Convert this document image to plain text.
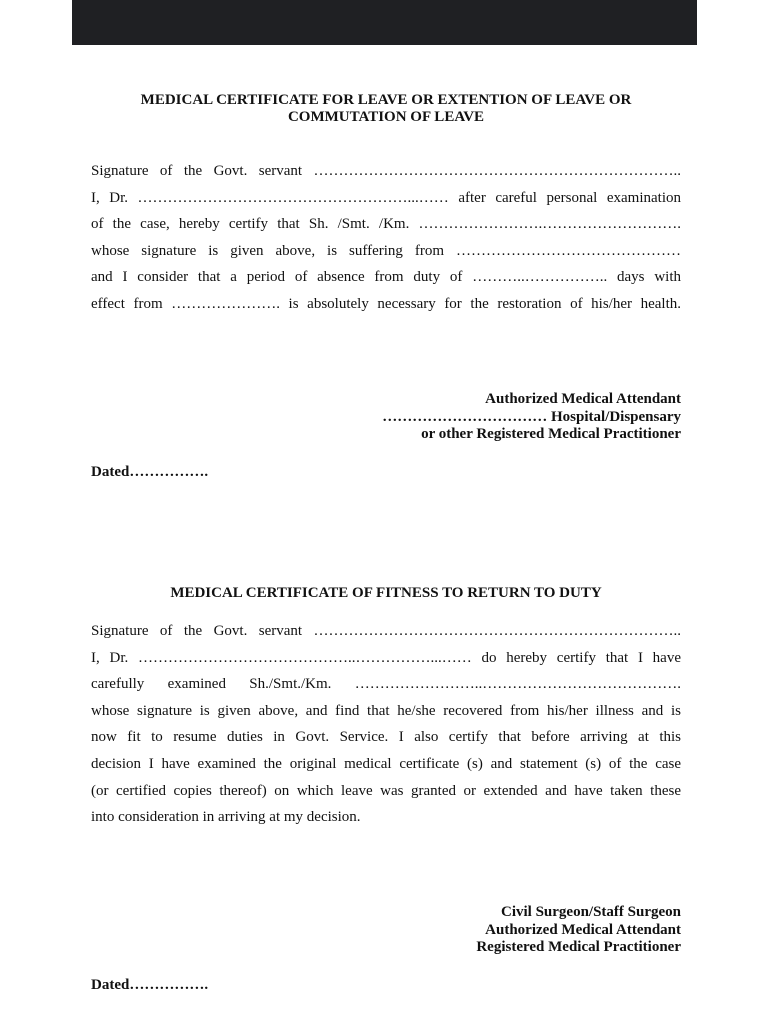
MEDICAL CERTIFICATE FOR LEAVE OR EXTENTION OF LEAVE OR
COMMUTATION OF LEAVE
Signature of the Govt. servant ………………………………………………………………..
I, Dr. ………………………………………………...…… after careful personal examination
of the case, hereby certify that Sh. /Smt. /Km. …………………….……………………….
whose signature is given above, is suffering from ………………………………………
and I consider that a period of absence from duty of ………..…………….. days with
effect from …………………. is absolutely necessary for the restoration of his/her health.
Authorized Medical Attendant
…………………………… Hospital/Dispensary
or other Registered Medical Practitioner
Dated…………….
MEDICAL CERTIFICATE OF FITNESS TO RETURN TO DUTY
Signature of the Govt. servant ………………………………………………………………..
I, Dr. ……………………………………..……………...…… do hereby certify that I have
carefully examined Sh./Smt./Km. ……………………..………………………………….
whose signature is given above, and find that he/she recovered from his/her illness and is
now fit to resume duties in Govt. Service. I also certify that before arriving at this
decision I have examined the original medical certificate (s) and statement (s) of the case
(or certified copies thereof) on which leave was granted or extended and have taken these
into consideration in arriving at my decision.
Civil Surgeon/Staff Surgeon
Authorized Medical Attendant
Registered Medical Practitioner
Dated…………….
